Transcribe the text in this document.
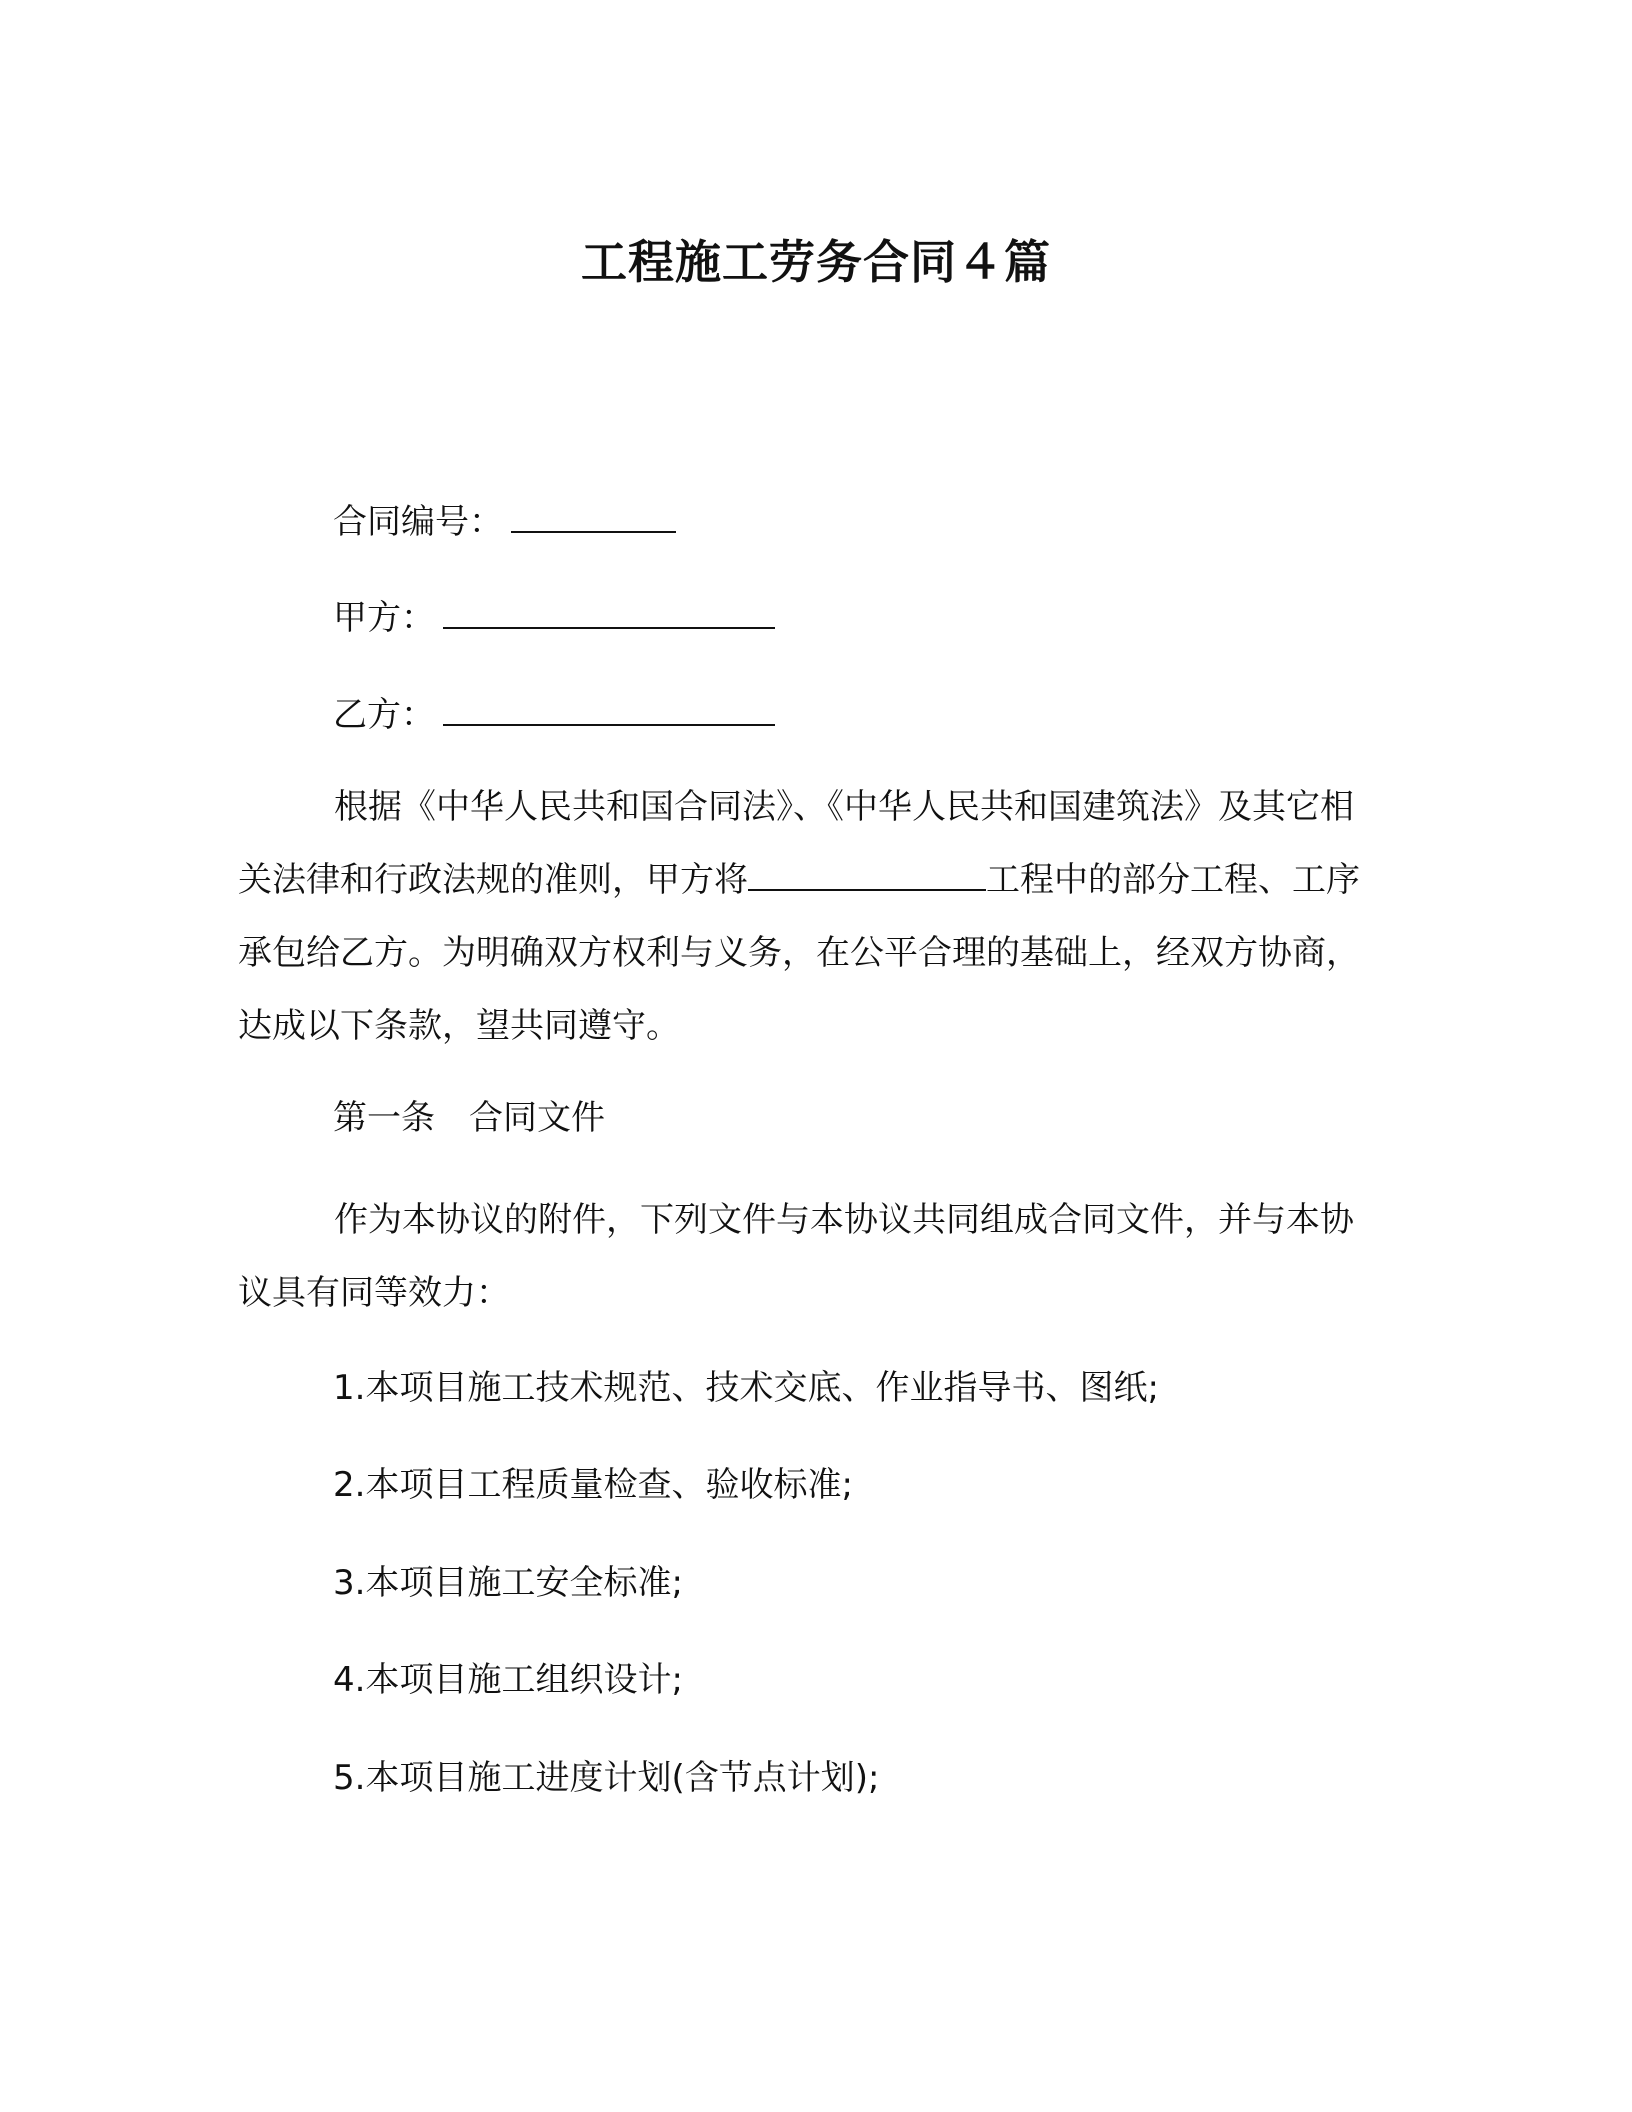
工程施工劳务合同４篇
合同编号：
甲方：
乙方：
根据《中华人民共和国合同法》、《中华人民共和国建筑法》及其它相关法律和行政法规的准则，甲方将	工程中的部分工程、工序承包给乙方。为明确双方权利与义务，在公平合理的基础上，经双方协商，达成以下条款，望共同遵守。
第一条　合同文件
作为本协议的附件，下列文件与本协议共同组成合同文件，并与本协议具有同等效力：
1.本项目施工技术规范、技术交底、作业指导书、图纸;
2.本项目工程质量检查、验收标准;
3.本项目施工安全标准;
4.本项目施工组织设计;
5.本项目施工进度计划(含节点计划);
